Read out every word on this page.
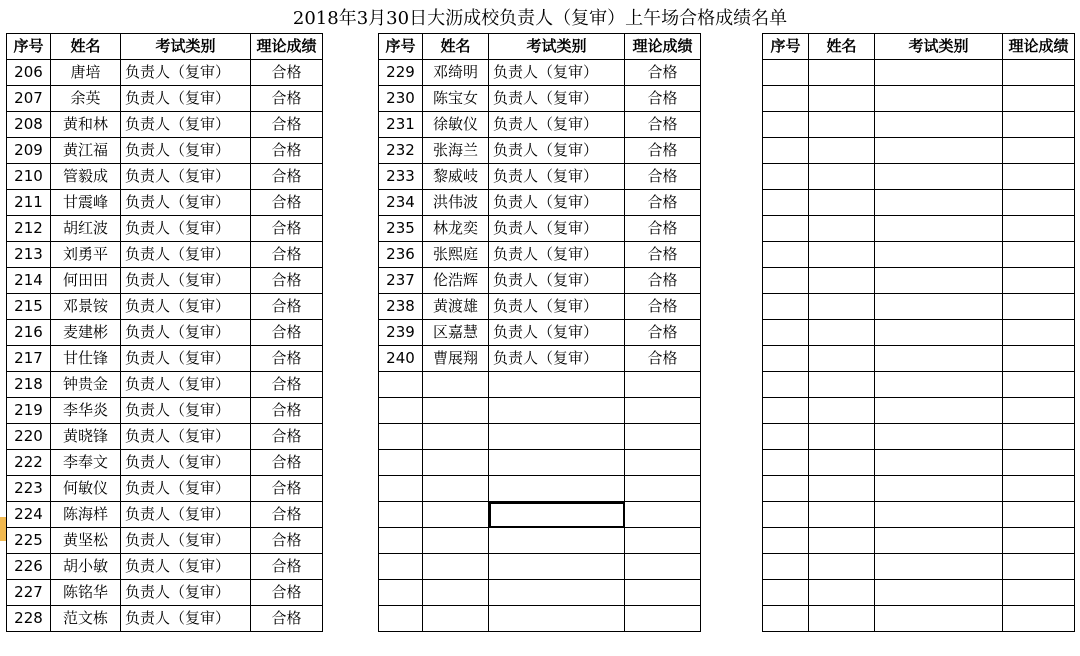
2018年3月30日大沥成校负责人（复审）上午场合格成绩名单
序号	姓名	考试类别	理论成绩
206	唐培	负责人（复审）	合格
207	余英	负责人（复审）	合格
208	黄和林	负责人（复审）	合格
209	黄江福	负责人（复审）	合格
210	管毅成	负责人（复审）	合格
211	甘震峰	负责人（复审）	合格
212	胡红波	负责人（复审）	合格
213	刘勇平	负责人（复审）	合格
214	何田田	负责人（复审）	合格
215	邓景铵	负责人（复审）	合格
216	麦建彬	负责人（复审）	合格
217	甘仕锋	负责人（复审）	合格
218	钟贵金	负责人（复审）	合格
219	李华炎	负责人（复审）	合格
220	黄晓锋	负责人（复审）	合格
222	李奉文	负责人（复审）	合格
223	何敏仪	负责人（复审）	合格
224	陈海样	负责人（复审）	合格
225	黄坚松	负责人（复审）	合格
226	胡小敏	负责人（复审）	合格
227	陈铭华	负责人（复审）	合格
228	范文栋	负责人（复审）	合格
序号	姓名	考试类别	理论成绩
229	邓绮明	负责人（复审）	合格
230	陈宝女	负责人（复审）	合格
231	徐敏仪	负责人（复审）	合格
232	张海兰	负责人（复审）	合格
233	黎威岐	负责人（复审）	合格
234	洪伟波	负责人（复审）	合格
235	林龙奕	负责人（复审）	合格
236	张熙庭	负责人（复审）	合格
237	伦浩辉	负责人（复审）	合格
238	黄渡雄	负责人（复审）	合格
239	区嘉慧	负责人（复审）	合格
240	曹展翔	负责人（复审）	合格

序号	姓名	考试类别	理论成绩
